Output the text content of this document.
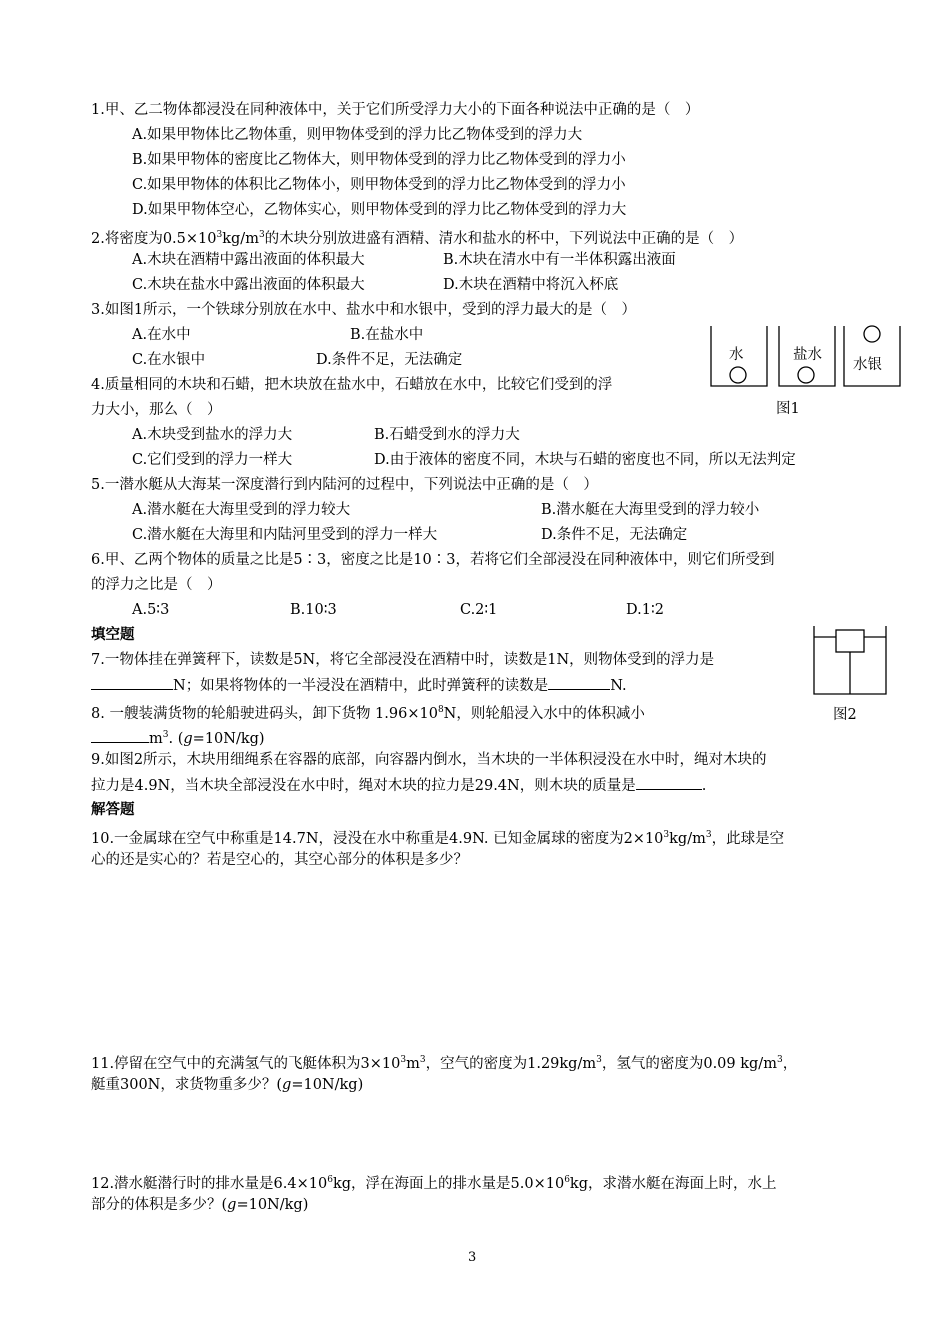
1.甲、乙二物体都浸没在同种液体中，关于它们所受浮力大小的下面各种说法中正确的是（　）
A.如果甲物体比乙物体重，则甲物体受到的浮力比乙物体受到的浮力大
B.如果甲物体的密度比乙物体大，则甲物体受到的浮力比乙物体受到的浮力小
C.如果甲物体的体积比乙物体小，则甲物体受到的浮力比乙物体受到的浮力小
D.如果甲物体空心，乙物体实心，则甲物体受到的浮力比乙物体受到的浮力大
2.将密度为$0.5\times 10^3kg/m^3$的木块分别放进盛有酒精、清水和盐水的杯中，下列说法中正确的是（　）
A.木块在酒精中露出液面的体积最大	B.木块在清水中有一半体积露出液面
C.木块在盐水中露出液面的体积最大	D.木块在酒精中将沉入杯底
3.如图1所示，一个铁球分别放在水中、盐水中和水银中，受到的浮力最大的是（　）
A.在水中	B.在盐水中
C.在水银中	D.条件不足，无法确定	水	盐水
水银
图1
4.质量相同的木块和石蜡，把木块放在盐水中，石蜡放在水中，比较它们受到的浮
力大小，那么（　）
A.木块受到盐水的浮力大	B.石蜡受到水的浮力大
C.它们受到的浮力一样大	D.由于液体的密度不同，木块与石蜡的密度也不同，所以无法判定
5.一潜水艇从大海某一深度潜行到内陆河的过程中，下列说法中正确的是（　）
A.潜水艇在大海里受到的浮力较大	B.潜水艇在大海里受到的浮力较小
C.潜水艇在大海里和内陆河里受到的浮力一样大	D.条件不足，无法确定
6.甲、乙两个物体的质量之比是5∶3，密度之比是10∶3，若将它们全部浸没在同种液体中，则它们所受到
的浮力之比是（　）
A.5∶3	B.10∶3	C.2∶1	D.1∶2
填空题
7.一物体挂在弹簧秤下，读数是5N，将它全部浸没在酒精中时，读数是1N，则物体受到的浮力是
N；如果将物体的一半浸没在酒精中，此时弹簧秤的读数是	N.
图2
8. 一艘装满货物的轮船驶进码头，卸下货物 $1.96\times 10^8N$，则轮船浸入水中的体积减小
$m^3$. (g=10N/kg)
9.如图2所示，木块用细绳系在容器的底部，向容器内倒水，当木块的一半体积浸没在水中时，绳对木块的
拉力是4.9N，当木块全部浸没在水中时，绳对木块的拉力是29.4N，则木块的质量是	.
解答题
10.一金属球在空气中称重是14.7N，浸没在水中称重是4.9N. 已知金属球的密度为$2\times 10^3kg/m^3$，此球是空
心的还是实心的？若是空心的，其空心部分的体积是多少？
11.停留在空气中的充满氢气的飞艇体积为$3\times 10^3m^3$，空气的密度为$1.29kg/m^3$，氢气的密度为0.09 $kg/m^3$，
艇重300N，求货物重多少？(g=10N/kg)
12.潜水艇潜行时的排水量是$6.4\times 10^6kg$，浮在海面上的排水量是$5.0\times 10^6kg$，求潜水艇在海面上时，水上
部分的体积是多少？(g=10N/kg)
3
